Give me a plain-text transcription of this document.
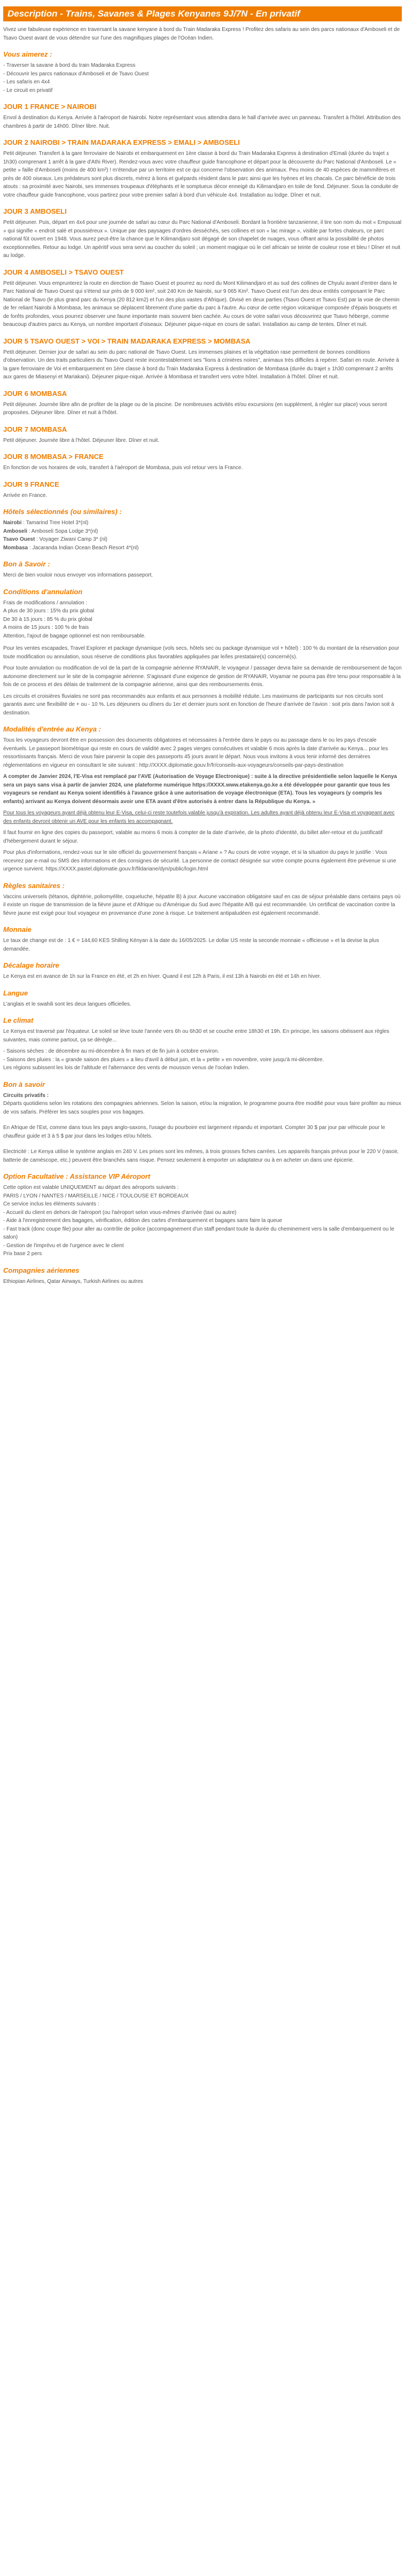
Description - Trains, Savanes & Plages Kenyanes 9J/7N - En privatif

Vivez une fabuleuse expérience en traversant la savane kenyane à bord du Train Madaraka Express ! Profitez des safaris au sein des parcs nationaux d'Amboseli et de Tsavo Ouest avant de vous détendre sur l'une des magnifiques plages de l'Océan Indien.

Vous aimerez :
- Traverser la savane à bord du train Madaraka Express
- Découvrir les parcs nationaux d'Amboseli et de Tsavo Ouest
- Les safaris en 4x4
- Le circuit en privatif
JOUR 1 FRANCE > NAIROBI

Envol à destination du Kenya. Arrivée à l'aéroport de Nairobi. Notre représentant vous attendra dans le hall d'arrivée avec un panneau. Transfert à l'hôtel. Attribution des chambres à partir de 14h00. Dîner libre. Nuit.

JOUR 2 NAIROBI > TRAIN MADARAKA EXPRESS > EMALI > AMBOSELI

Petit déjeuner. Transfert à la gare ferroviaire de Nairobi et embarquement en 1ère classe à bord du Train Madaraka Express à destination d'Emali (durée du trajet ± 1h30) comprenant 1 arrêt à la gare d'Athi River). Rendez-vous avec votre chauffeur guide francophone et départ pour la découverte du Parc National d'Amboseli. Le « petite » faille d'Amboseli (moins de 400 km²) ! m'étendue par un territoire est ce qui concerne l'observation des animaux. Peu moins de 40 espèces de mammifères et près de 400 oiseaux. Les prédateurs sont plus discrets, mérez à lions et guépards résident dans le parc ainsi que les hyènes et les chacals. Ce parc bénéficie de trois atouts : sa proximité avec Nairobi, ses immenses troupeaux d'éléphants et le somptueux décor enneigé du Kilimandjaro en toile de fond. Déjeuner. Sous la conduite de votre chauffeur guide francophone, vous partirez pour votre premier safari à bord d'un véhicule 4x4. Installation au lodge. Dîner et nuit.

JOUR 3 AMBOSELI

Petit déjeuner. Puis, départ en 4x4 pour une journée de safari au cœur du Parc National d'Amboseli. Bordant la frontière tanzanienne, il tire son nom du mot « Empusual » qui signifie « endroit salé et poussiéreux ». Unique par des paysages d'ordres desséchés, ses collines et son « lac mirage », visible par fortes chaleurs, ce parc national fût ouvert en 1948. Vous aurez peut-être la chance que le Kilimandjaro soit dégagé de son chapelet de nuages, vous offrant ainsi la possibilité de photos exceptionnelles. Retour au lodge. Un apéritif vous sera servi au coucher du soleil ; un moment magique où le ciel africain se teinte de couleur rose et bleu ! Dîner et nuit au lodge.

JOUR 4 AMBOSELI > TSAVO OUEST

Petit déjeuner. Vous emprunterez la route en direction de Tsavo Ouest et pourrez au nord du Mont Kilimandjaro et au sud des collines de Chyulu avant d'entrer dans le Parc National de Tsavo Ouest qui s'étend sur près de 9 000 km², soit 240 Km de Nairobi, sur 9 065 Km². Tsavo Ouest est l'un des deux entités composant le Parc National de Tsavo (le plus grand parc du Kenya (20 812 km2) et l'un des plus vastes d'Afrique). Divisé en deux parties (Tsavo Ouest et Tsavo Est) par la voie de chemin de fer reliant Nairobi à Mombasa, les animaux se déplacent librement d'une partie du parc à l'autre. Au cœur de cette région volcanique composée d'épais bosquets et de forêts profondes, vous pourrez observer une faune importante mais souvent bien cachée. Au cours de votre safari vous découvrirez que Tsavo héberge, comme beaucoup d'autres parcs au Kenya, un nombre important d'oiseaux. Déjeuner pique-nique en cours de safari. Installation au camp de tentes. Dîner et nuit.

JOUR 5 TSAVO OUEST > VOI > TRAIN MADARAKA EXPRESS > MOMBASA

Petit déjeuner. Dernier jour de safari au sein du parc national de Tsavo Ouest. Les immenses plaines et la végétation rase permettent de bonnes conditions d'observation. Un des traits particuliers du Tsavo Ouest reste incontestablement ses "lions à crinières noires", animaux très difficiles à repérer. Safari en route. Arrivée à la gare ferroviaire de Voi et embarquement en 1ère classe à bord du Train Madaraka Express à destination de Mombasa (durée du trajet ± 1h30 comprenant 2 arrêts aux gares de Miasenyi et Mariakani). Déjeuner pique-nique. Arrivée à Mombasa et transfert vers votre hôtel. Installation à l'hôtel. Dîner et nuit.

JOUR 6 MOMBASA

Petit déjeuner. Journée libre afin de profiter de la plage ou de la piscine. De nombreuses activités et/ou excursions (en supplément, à régler sur place) vous seront proposées. Déjeuner libre. Dîner et nuit à l'hôtel.

JOUR 7 MOMBASA

Petit déjeuner. Journée libre à l'hôtel. Déjeuner libre. Dîner et nuit.

JOUR 8 MOMBASA > FRANCE

En fonction de vos horaires de vols, transfert à l'aéroport de Mombasa, puis vol retour vers la France.

JOUR 9 FRANCE

Arrivée en France.

Hôtels sélectionnés (ou similaires) :
Nairobi : Tamarind Tree Hotel 3*(nl)
Amboseli : Amboseli Sopa Lodge 3*(nl)
Tsavo Ouest : Voyager Ziwani Camp 3* (nl)
Mombasa : Jacaranda Indian Ocean Beach Resort 4*(nl)
Bon à Savoir :

Merci de bien vouloir nous envoyer vos informations passeport.

Conditions d'annulation
Frais de modifications / annulation :
A plus de 30 jours : 15% du prix global
De 30 à 15 jours : 85 % du prix global
A moins de 15 jours : 100 % de frais
Attention, l'ajout de bagage optionnel est non remboursable.

Pour les ventes escapades, Travel Explorer et package dynamique (vols secs, hôtels sec ou package dynamique vol + hôtel) : 100 % du montant de la réservation pour toute modification ou annulation, sous réserve de conditions plus favorables appliquées par le/les prestataire(s) concerné(s).

Pour toute annulation ou modification de vol de la part de la compagnie aérienne RYANAIR, le voyageur / passager devra faire sa demande de remboursement de façon autonome directement sur le site de la compagnie aérienne. S'agissant d'une exigence de gestion de RYANAIR, Voyamar ne pourra pas être tenu pour responsable à la fois de ce process et des délais de traitement de la compagnie aérienne, ainsi que des remboursements émis.

Les circuits et croisières fluviales ne sont pas recommandés aux enfants et aux personnes à mobilité réduite. Les maximums de participants sur nos circuits sont garantis avec une flexibilité de + ou - 10 %. Les déjeuners ou dîners du 1er et dernier jours sont en fonction de l'heure d'arrivée de l'avion : soit pris dans l'avion soit à destination.

Modalités d'entrée au Kenya :

Tous les voyageurs devront être en possession des documents obligatoires et nécessaires à l'entrée dans le pays ou au passage dans le ou les pays d'escale éventuels. Le passeport biométrique qui reste en cours de validité avec 2 pages vierges consécutives et valable 6 mois après la date d'arrivée au Kenya... pour les ressortissants français. Merci de vous faire parvenir la copie des passeports 45 jours avant le départ. Nous vous invitons à vous tenir informé des dernières réglementations en vigueur en consultant le site suivant : http://XXXX.diplomatie.gouv.fr/fr/conseils-aux-voyageurs/conseils-par-pays-destination

A compter de Janvier 2024, l'E-Visa est remplacé par l'AVE (Autorisation de Voyage Electronique) : suite à la directive présidentielle selon laquelle le Kenya sera un pays sans visa à partir de janvier 2024, une plateforme numérique https://XXXX.www.etakenya.go.ke a été développée pour garantir que tous les voyageurs se rendant au Kenya soient identifiés à l'avance grâce à une autorisation de voyage électronique (ETA). Tous les voyageurs (y compris les enfants) arrivant au Kenya doivent désormais avoir une ETA avant d'être autorisés à entrer dans la République du Kenya. »

Pour tous les voyageurs ayant déjà obtenu leur E-Visa, celui-ci reste toutefois valable jusqu'à expiration. Les adultes ayant déjà obtenu leur E-Visa et voyageant avec des enfants devront obtenir un AVE pour les enfants les accompagnant.

Il faut fournir en ligne des copies du passeport, valable au moins 6 mois à compter de la date d'arrivée, de la photo d'identité, du billet aller-retour et du justificatif d'hébergement durant le séjour.

Pour plus d'informations, rendez-vous sur le site officiel du gouvernement français « Ariane » ? Au cours de votre voyage, et si la situation du pays le justifie : Vous recevrez par e-mail ou SMS des informations et des consignes de sécurité. La personne de contact désignée sur votre compte pourra également être prévenue si une urgence survient. https://XXXX.pastel.diplomatie.gouv.fr/fildariane/dyn/public/login.html

Règles sanitaires :

Vaccins universels (tétanos, diphtérie, poliomyélite, coqueluche, hépatite B) à jour. Aucune vaccination obligatoire sauf en cas de séjour préalable dans certains pays où il existe un risque de transmission de la fièvre jaune et d'Afrique ou d'Amérique du Sud avec l'hépatite A/B qui est recommandée. Un certificat de vaccination contre la fièvre jaune est exigé pour tout voyageur en provenance d'une zone à risque. Le traitement antipaludéen est également recommandé.

Monnaie

Le taux de change est de : 1 € = 144,60 KES Shilling Kényan à la date du 16/05/2025. Le dollar US reste la seconde monnaie « officieuse » et la devise la plus demandée.

Décalage horaire

Le Kenya est en avance de 1h sur la France en été, et 2h en hiver. Quand il est 12h à Paris, il est 13h à Nairobi en été et 14h en hiver.

Langue

L'anglais et le swahili sont les deux langues officielles.

Le climat

Le Kenya est traversé par l'équateur. Le soleil se lève toute l'année vers 6h ou 6h30 et se couche entre 18h30 et 19h. En principe, les saisons obéissent aux règles suivantes, mais comme partout, ça se dérègle...

- Saisons sèches : de décembre au mi-décembre à fin mars et de fin juin à octobre environ.
- Saisons des pluies : la « grande saison des pluies » a lieu d'avril à début juin, et la « petite » en novembre, voire jusqu'à mi-décembre.
Les régions subissent les lois de l'altitude et l'alternance des vents de mousson venus de l'océan Indien.
Bon à savoir
Circuits privatifs :

Départs quotidiens selon les rotations des compagnies aériennes. Selon la saison, et/ou la migration, le programme pourra être modifié pour vous faire profiter au mieux de vos safaris. Préférer les sacs souples pour vos bagages.

En Afrique de l'Est, comme dans tous les pays anglo-saxons, l'usage du pourboire est largement répandu et important. Compter 30 $ par jour par véhicule pour le chauffeur guide et 3 à 5 $ par jour dans les lodges et/ou hôtels.

Electricité : Le Kenya utilise le système anglais en 240 V. Les prises sont les mêmes, à trois grosses fiches carrées. Les appareils français prévus pour le 220 V (rasoir, batterie de caméscope, etc.) peuvent être branchés sans risque. Pensez seulement à emporter un adaptateur ou à en acheter un dans une épicerie.

Option Facultative : Assistance VIP Aéroport
Cette option est valable UNIQUEMENT au départ des aéroports suivants :
PARIS / LYON / NANTES / MARSEILLE / NICE / TOULOUSE ET BORDEAUX
Ce service inclus les éléments suivants :
- Accueil du client en dehors de l'aéroport (ou l'aéroport selon vous-mêmes d'arrivée (taxi ou autre)
- Aide à l'enregistrement des bagages, vérification, édition des cartes d'embarquement et bagages sans faire la queue
- Fast track (donc coupe file) pour aller au contrôle de police (accompagnement d'un staff pendant toute la durée du cheminement vers la salle d'embarquement ou le salon)
- Gestion de l'imprévu et de l'urgence avec le client
Prix base 2 pers
Compagnies aériennes

Ethiopian Airlines, Qatar Airways, Turkish Airlines ou autres
